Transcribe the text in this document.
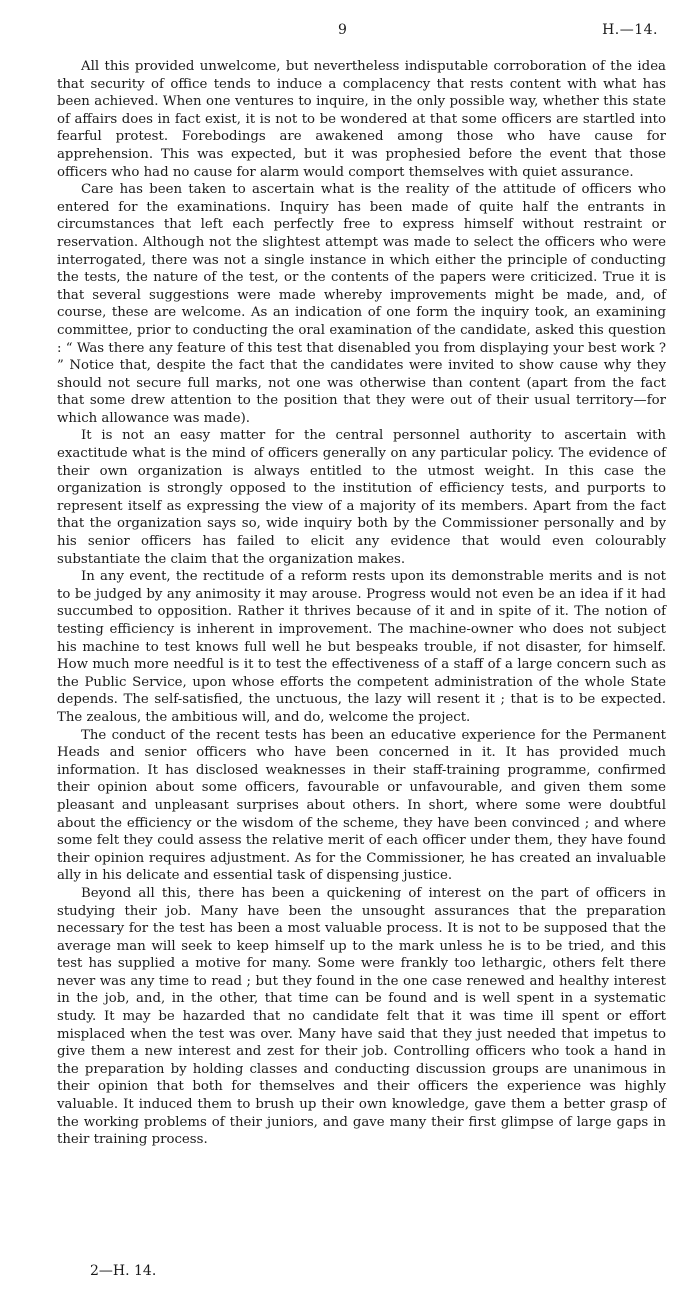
9	H.—14.

All this provided unwelcome, but nevertheless indisputable corroboration of the idea that security of office tends to induce a complacency that rests content with what has been achieved. When one ventures to inquire, in the only possible way, whether this state of affairs does in fact exist, it is not to be wondered at that some officers are startled into fearful protest. Forebodings are awakened among those who have cause for apprehension. This was expected, but it was prophesied before the event that those officers who had no cause for alarm would comport themselves with quiet assurance.

Care has been taken to ascertain what is the reality of the attitude of officers who entered for the examinations. Inquiry has been made of quite half the entrants in circumstances that left each perfectly free to express himself without restraint or reservation. Although not the slightest attempt was made to select the officers who were interrogated, there was not a single instance in which either the principle of conducting the tests, the nature of the test, or the contents of the papers were criticized. True it is that several suggestions were made whereby improvements might be made, and, of course, these are welcome. As an indication of one form the inquiry took, an examining committee, prior to conducting the oral examination of the candidate, asked this question : “ Was there any feature of this test that disenabled you from displaying your best work ? ” Notice that, despite the fact that the candidates were invited to show cause why they should not secure full marks, not one was otherwise than content (apart from the fact that some drew attention to the position that they were out of their usual territory—for which allowance was made).

It is not an easy matter for the central personnel authority to ascertain with exactitude what is the mind of officers generally on any particular policy. The evidence of their own organization is always entitled to the utmost weight. In this case the organization is strongly opposed to the institution of efficiency tests, and purports to represent itself as expressing the view of a majority of its members. Apart from the fact that the organization says so, wide inquiry both by the Commissioner personally and by his senior officers has failed to elicit any evidence that would even colourably substantiate the claim that the organization makes.

In any event, the rectitude of a reform rests upon its demonstrable merits and is not to be judged by any animosity it may arouse. Progress would not even be an idea if it had succumbed to opposition. Rather it thrives because of it and in spite of it. The notion of testing efficiency is inherent in improvement. The machine-owner who does not subject his machine to test knows full well he but bespeaks trouble, if not disaster, for himself. How much more needful is it to test the effectiveness of a staff of a large concern such as the Public Service, upon whose efforts the competent administration of the whole State depends. The self-satisfied, the unctuous, the lazy will resent it ; that is to be expected. The zealous, the ambitious will, and do, welcome the project.

The conduct of the recent tests has been an educative experience for the Permanent Heads and senior officers who have been concerned in it. It has provided much information. It has disclosed weaknesses in their staff-training programme, confirmed their opinion about some officers, favourable or unfavourable, and given them some pleasant and unpleasant surprises about others. In short, where some were doubtful about the efficiency or the wisdom of the scheme, they have been convinced ; and where some felt they could assess the relative merit of each officer under them, they have found their opinion requires adjustment. As for the Commissioner, he has created an invaluable ally in his delicate and essential task of dispensing justice.

Beyond all this, there has been a quickening of interest on the part of officers in studying their job. Many have been the unsought assurances that the preparation necessary for the test has been a most valuable process. It is not to be supposed that the average man will seek to keep himself up to the mark unless he is to be tried, and this test has supplied a motive for many. Some were frankly too lethargic, others felt there never was any time to read ; but they found in the one case renewed and healthy interest in the job, and, in the other, that time can be found and is well spent in a systematic study. It may be hazarded that no candidate felt that it was time ill spent or effort misplaced when the test was over. Many have said that they just needed that impetus to give them a new interest and zest for their job. Controlling officers who took a hand in the preparation by holding classes and conducting discussion groups are unanimous in their opinion that both for themselves and their officers the experience was highly valuable. It induced them to brush up their own knowledge, gave them a better grasp of the working problems of their juniors, and gave many their first glimpse of large gaps in their training process.

2—H. 14.
